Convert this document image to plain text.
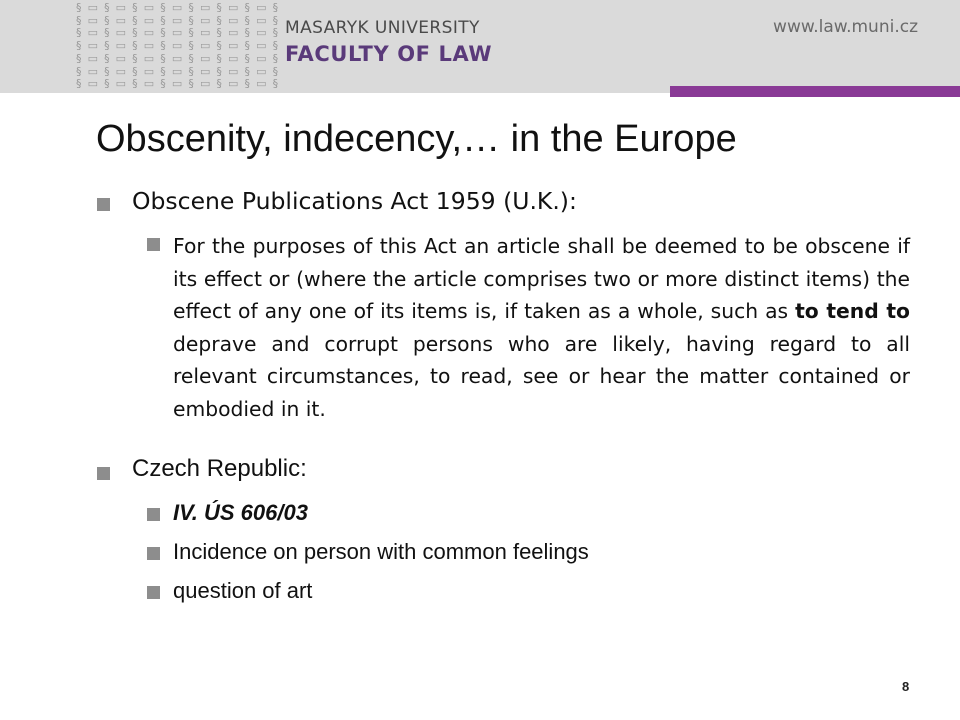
§ ▭ § ▭ § ▭ § ▭ § ▭ § ▭
§ ▭ § ▭ § ▭ § ▭ § ▭ § ▭
§ ▭ § ▭ § ▭ § ▭ § ▭ § ▭
§ ▭ § ▭ § ▭ § ▭ § ▭ § ▭
§ ▭ § ▭ § ▭ § ▭ § ▭ § ▭
§ ▭ § ▭ § ▭ § ▭ § ▭ § ▭
§ ▭ § ▭ § ▭ § ▭ § ▭ § ▭
MASARYK UNIVERSITY
FACULTY OF LAW
www.law.muni.cz
Obscenity, indecency,… in the Europe
Obscene Publications Act 1959 (U.K.):

For the purposes of this Act an article shall be deemed to be obscene if its effect or (where the article comprises two or more distinct items) the effect of any one of its items is, if taken as a whole, such as to tend to deprave and corrupt persons who are likely, having regard to all relevant circumstances, to read, see or hear the matter contained or embodied in it.

Czech Republic:
IV. ÚS 606/03
Incidence on person with common feelings
question of art
8
